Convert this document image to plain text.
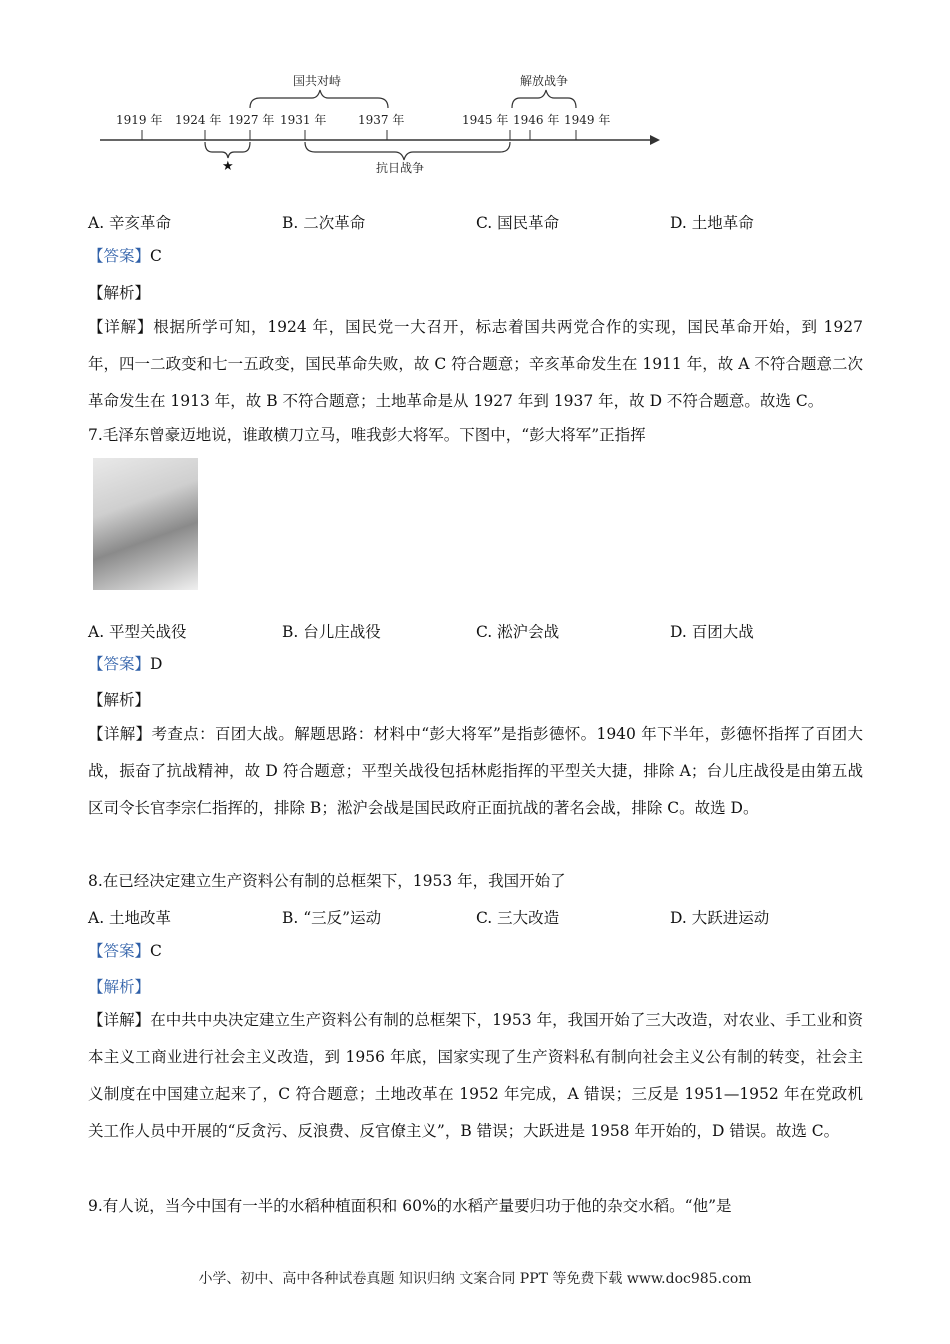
1919 年 1924 年 1927 年 1931 年	1937 年	1945 年 1946 年 1949 年
国共对峙	解放战争
抗日战争
★
A. 辛亥革命	B. 二次革命	C. 国民革命	D. 土地革命
【答案】C
【解析】
【详解】根据所学可知，1924 年，国民党一大召开，标志着国共两党合作的实现，国民革命开始，到 1927 年，四一二政变和七一五政变，国民革命失败，故 C 符合题意；辛亥革命发生在 1911 年，故 A 不符合题意二次革命发生在 1913 年，故 B 不符合题意；土地革命是从 1927 年到 1937 年，故 D 不符合题意。故选 C。
7.毛泽东曾豪迈地说，谁敢横刀立马，唯我彭大将军。下图中，“彭大将军”正指挥
A. 平型关战役	B. 台儿庄战役	C. 淞沪会战	D. 百团大战
【答案】D
【解析】
【详解】考查点：百团大战。解题思路：材料中“彭大将军”是指彭德怀。1940 年下半年，彭德怀指挥了百团大战，振奋了抗战精神，故 D 符合题意；平型关战役包括林彪指挥的平型关大捷，排除 A；台儿庄战役是由第五战区司令长官李宗仁指挥的，排除 B；淞沪会战是国民政府正面抗战的著名会战，排除 C。故选 D。
8.在已经决定建立生产资料公有制的总框架下，1953 年，我国开始了
A. 土地改革	B. “三反”运动	C. 三大改造	D. 大跃进运动
【答案】C
【解析】
【详解】在中共中央决定建立生产资料公有制的总框架下，1953 年，我国开始了三大改造，对农业、手工业和资本主义工商业进行社会主义改造，到 1956 年底，国家实现了生产资料私有制向社会主义公有制的转变，社会主义制度在中国建立起来了，C 符合题意；土地改革在 1952 年完成，A 错误；三反是 1951—1952 年在党政机关工作人员中开展的“反贪污、反浪费、反官僚主义”，B 错误；大跃进是 1958 年开始的，D 错误。故选 C。
9.有人说，当今中国有一半的水稻种植面积和 60%的水稻产量要归功于他的杂交水稻。“他”是
小学、初中、高中各种试卷真题 知识归纳 文案合同 PPT 等免费下载 www.doc985.com
